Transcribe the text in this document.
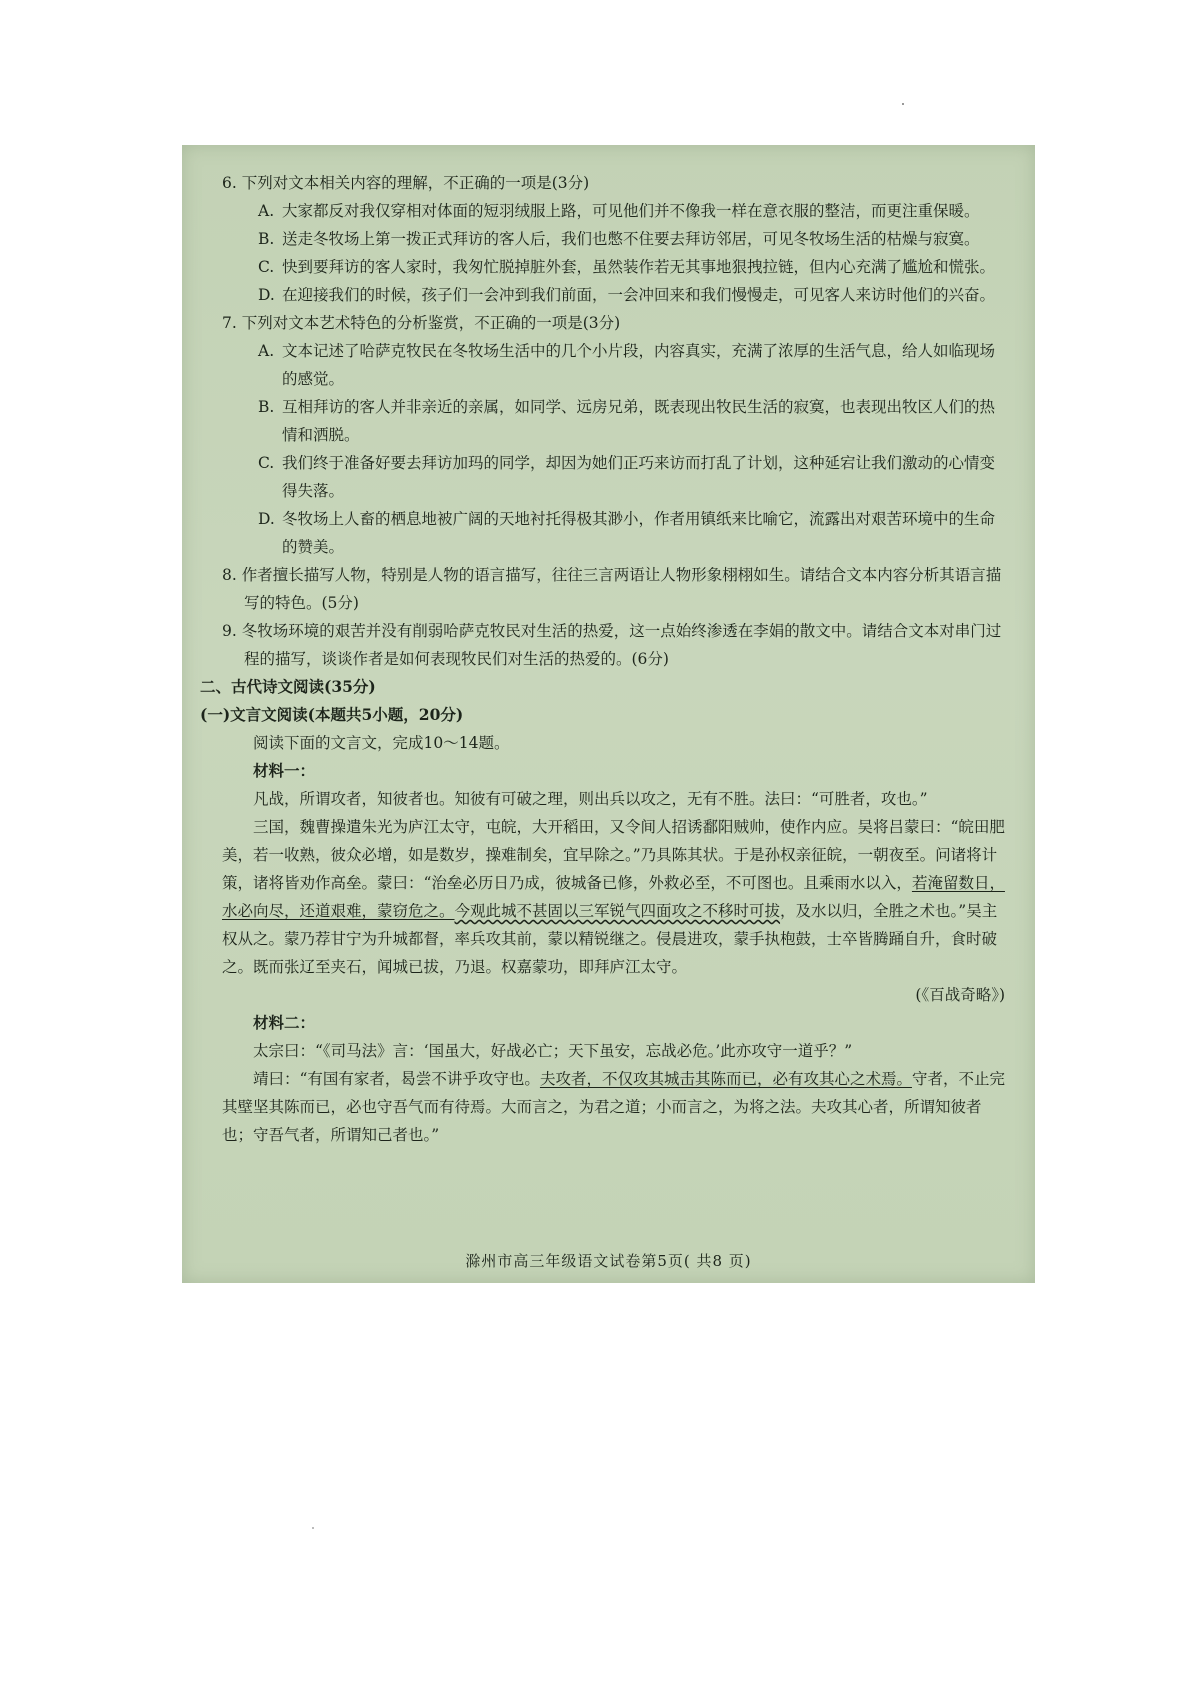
6. 下列对文本相关内容的理解，不正确的一项是(3分)

A. 大家都反对我仅穿相对体面的短羽绒服上路，可见他们并不像我一样在意衣服的整洁，而更注重保暖。

B. 送走冬牧场上第一拨正式拜访的客人后，我们也憋不住要去拜访邻居，可见冬牧场生活的枯燥与寂寞。

C. 快到要拜访的客人家时，我匆忙脱掉脏外套，虽然装作若无其事地狠拽拉链，但内心充满了尴尬和慌张。

D. 在迎接我们的时候，孩子们一会冲到我们前面，一会冲回来和我们慢慢走，可见客人来访时他们的兴奋。

7. 下列对文本艺术特色的分析鉴赏，不正确的一项是(3分)

A. 文本记述了哈萨克牧民在冬牧场生活中的几个小片段，内容真实，充满了浓厚的生活气息，给人如临现场的感觉。

B. 互相拜访的客人并非亲近的亲属，如同学、远房兄弟，既表现出牧民生活的寂寞，也表现出牧区人们的热情和洒脱。

C. 我们终于准备好要去拜访加玛的同学，却因为她们正巧来访而打乱了计划，这种延宕让我们激动的心情变得失落。

D. 冬牧场上人畜的栖息地被广阔的天地衬托得极其渺小，作者用镇纸来比喻它，流露出对艰苦环境中的生命的赞美。

8. 作者擅长描写人物，特别是人物的语言描写，往往三言两语让人物形象栩栩如生。请结合文本内容分析其语言描写的特色。(5分)

9. 冬牧场环境的艰苦并没有削弱哈萨克牧民对生活的热爱，这一点始终渗透在李娟的散文中。请结合文本对串门过程的描写，谈谈作者是如何表现牧民们对生活的热爱的。(6分)

二、古代诗文阅读(35分)

(一)文言文阅读(本题共5小题，20分)

阅读下面的文言文，完成10～14题。

材料一：

凡战，所谓攻者，知彼者也。知彼有可破之理，则出兵以攻之，无有不胜。法曰：“可胜者，攻也。”

三国，魏曹操遣朱光为庐江太守，屯皖，大开稻田，又令间人招诱鄱阳贼帅，使作内应。吴将吕蒙曰：“皖田肥美，若一收熟，彼众必增，如是数岁，操难制矣，宜早除之。”乃具陈其状。于是孙权亲征皖，一朝夜至。问诸将计策，诸将皆劝作高垒。蒙曰：“治垒必历日乃成，彼城备已修，外救必至，不可图也。且乘雨水以入，若淹留数日，水必向尽，还道艰难，蒙窃危之。今观此城不甚固以三军锐气四面攻之不移时可拔，及水以归，全胜之术也。”吴主权从之。蒙乃荐甘宁为升城都督，率兵攻其前，蒙以精锐继之。侵晨进攻，蒙手执枹鼓，士卒皆腾踊自升，食时破之。既而张辽至夹石，闻城已拔，乃退。权嘉蒙功，即拜庐江太守。

(《百战奇略》)

材料二：

太宗曰：“《司马法》言：‘国虽大，好战必亡；天下虽安，忘战必危。’此亦攻守一道乎？”

靖曰：“有国有家者，曷尝不讲乎攻守也。夫攻者，不仅攻其城击其陈而已，必有攻其心之术焉。守者，不止完其壁坚其陈而已，必也守吾气而有待焉。大而言之，为君之道；小而言之，为将之法。夫攻其心者，所谓知彼者也；守吾气者，所谓知己者也。”

滁州市高三年级语文试卷第5页( 共8 页)
